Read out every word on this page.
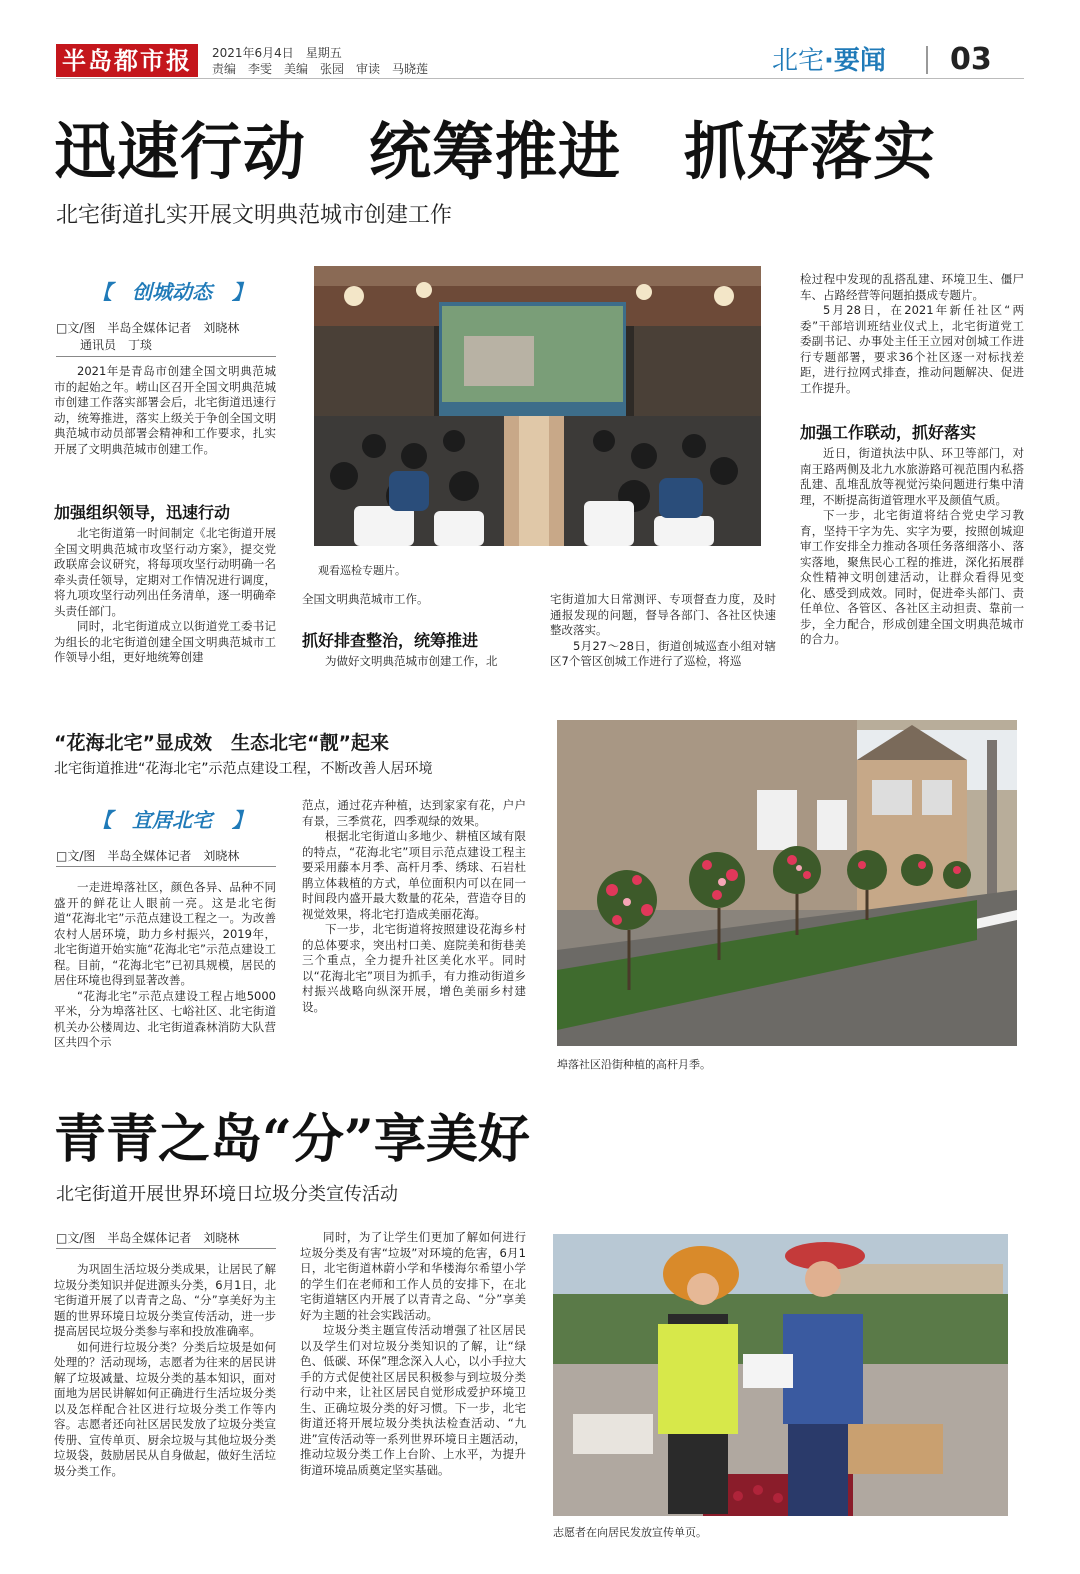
半岛都市报	2021年6月4日　星期五
责编　李雯　美编　张园　审读　马晓莲	北宅·要闻	03
迅速行动　统筹推进　抓好落实
北宅街道扎实开展文明典范城市创建工作
【　创城动态　】
□文/图　半岛全媒体记者　刘晓林
通讯员　丁琰

2021年是青岛市创建全国文明典范城市的起始之年。崂山区召开全国文明典范城市创建工作落实部署会后，北宅街道迅速行动，统筹推进，落实上级关于争创全国文明典范城市动员部署会精神和工作要求，扎实开展了文明典范城市创建工作。

加强组织领导，迅速行动

北宅街道第一时间制定《北宅街道开展全国文明典范城市攻坚行动方案》，提交党政联席会议研究，将每项攻坚行动明确一名牵头责任领导，定期对工作情况进行调度，将九项攻坚行动列出任务清单，逐一明确牵头责任部门。

同时，北宅街道成立以街道党工委书记为组长的北宅街道创建全国文明典范城市工作领导小组，更好地统筹创建

观看巡检专题片。

全国文明典范城市工作。

抓好排查整治，统筹推进

为做好文明典范城市创建工作，北

宅街道加大日常测评、专项督查力度，及时通报发现的问题，督导各部门、各社区快速整改落实。

5月27～28日，街道创城巡查小组对辖区7个管区创城工作进行了巡检，将巡

检过程中发现的乱搭乱建、环境卫生、僵尸车、占路经营等问题拍摄成专题片。

5月28日，在2021年新任社区“两委”干部培训班结业仪式上，北宅街道党工委副书记、办事处主任王立园对创城工作进行专题部署，要求36个社区逐一对标找差距，进行拉网式排查，推动问题解决、促进工作提升。

加强工作联动，抓好落实

近日，街道执法中队、环卫等部门，对南王路两侧及北九水旅游路可视范围内私搭乱建、乱堆乱放等视觉污染问题进行集中清理，不断提高街道管理水平及颜值气质。

下一步，北宅街道将结合党史学习教育，坚持干字为先、实字为要，按照创城迎审工作安排全力推动各项任务落细落小、落实落地，聚焦民心工程的推进，深化拓展群众性精神文明创建活动，让群众看得见变化、感受到成效。同时，促进牵头部门、责任单位、各管区、各社区主动担责、靠前一步，全力配合，形成创建全国文明典范城市的合力。

“花海北宅”显成效　生态北宅“靓”起来
北宅街道推进“花海北宅”示范点建设工程，不断改善人居环境
【　宜居北宅　】
□文/图　半岛全媒体记者　刘晓林

一走进埠落社区，颜色各异、品种不同盛开的鲜花让人眼前一亮。这是北宅街道“花海北宅”示范点建设工程之一。为改善农村人居环境，助力乡村振兴，2019年，北宅街道开始实施“花海北宅”示范点建设工程。目前，“花海北宅”已初具规模，居民的居住环境也得到显著改善。

“花海北宅”示范点建设工程占地5000平米，分为埠落社区、七峪社区、北宅街道机关办公楼周边、北宅街道森林消防大队营区共四个示

范点，通过花卉种植，达到家家有花，户户有景，三季赏花，四季观绿的效果。

根据北宅街道山多地少、耕植区域有限的特点，“花海北宅”项目示范点建设工程主要采用藤本月季、高杆月季、绣球、石岩杜鹃立体栽植的方式，单位面积内可以在同一时间段内盛开最大数量的花朵，营造夺目的视觉效果，将北宅打造成美丽花海。

下一步，北宅街道将按照建设花海乡村的总体要求，突出村口美、庭院美和街巷美三个重点，全力提升社区美化水平。同时以“花海北宅”项目为抓手，有力推动街道乡村振兴战略向纵深开展，增色美丽乡村建设。

埠落社区沿街种植的高杆月季。
青青之岛“分”享美好
北宅街道开展世界环境日垃圾分类宣传活动
□文/图　半岛全媒体记者　刘晓林

为巩固生活垃圾分类成果，让居民了解垃圾分类知识并促进源头分类，6月1日，北宅街道开展了以青青之岛、“分”享美好为主题的世界环境日垃圾分类宣传活动，进一步提高居民垃圾分类参与率和投放准确率。

如何进行垃圾分类？分类后垃圾是如何处理的？活动现场，志愿者为往来的居民讲解了垃圾减量、垃圾分类的基本知识，面对面地为居民讲解如何正确进行生活垃圾分类以及怎样配合社区进行垃圾分类工作等内容。志愿者还向社区居民发放了垃圾分类宣传册、宣传单页、厨余垃圾与其他垃圾分类垃圾袋，鼓励居民从自身做起，做好生活垃圾分类工作。

同时，为了让学生们更加了解如何进行垃圾分类及有害“垃圾”对环境的危害，6月1日，北宅街道林蔚小学和华楼海尔希望小学的学生们在老师和工作人员的安排下，在北宅街道辖区内开展了以青青之岛、“分”享美好为主题的社会实践活动。

垃圾分类主题宣传活动增强了社区居民以及学生们对垃圾分类知识的了解，让“绿色、低碳、环保”理念深入人心，以小手拉大手的方式促使社区居民积极参与到垃圾分类行动中来，让社区居民自觉形成爱护环境卫生、正确垃圾分类的好习惯。下一步，北宅街道还将开展垃圾分类执法检查活动、“九进”宣传活动等一系列世界环境日主题活动，推动垃圾分类工作上台阶、上水平，为提升街道环境品质奠定坚实基础。

志愿者在向居民发放宣传单页。
